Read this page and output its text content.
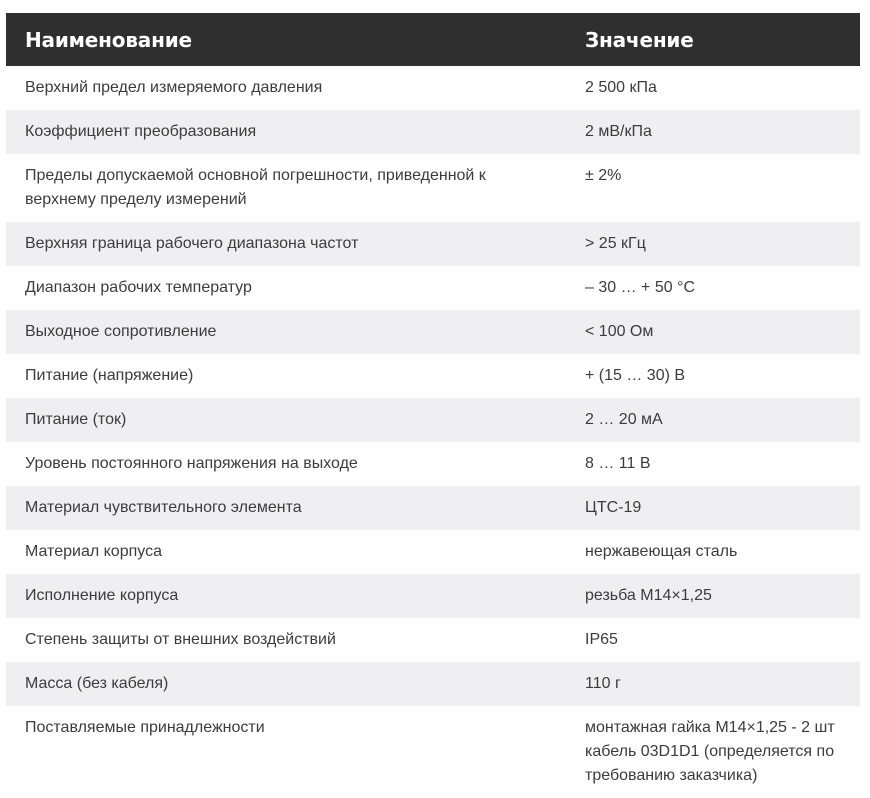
Наименование	Значение
Верхний предел измеряемого давления	2 500 кПа

Коэффициент преобразования	2 мВ/кПа

Пределы допускаемой основной погрешности, приведенной к верхнему пределу измерений	± 2%

Верхняя граница рабочего диапазона частот	> 25 кГц

Диапазон рабочих температур	– 30 … + 50 °С

Выходное сопротивление	< 100 Ом

Питание (напряжение)	+ (15 … 30) В

Питание (ток)	2 … 20 мА

Уровень постоянного напряжения на выходе	8 … 11 В

Материал чувствительного элемента	ЦТС-19

Материал корпуса	нержавеющая сталь

Исполнение корпуса	резьба M14×1,25

Степень защиты от внешних воздействий	IP65

Масса (без кабеля)	110 г

Поставляемые принадлежности	монтажная гайка M14×1,25 - 2 шт
кабель 03D1D1 (определяется по требованию заказчика)
